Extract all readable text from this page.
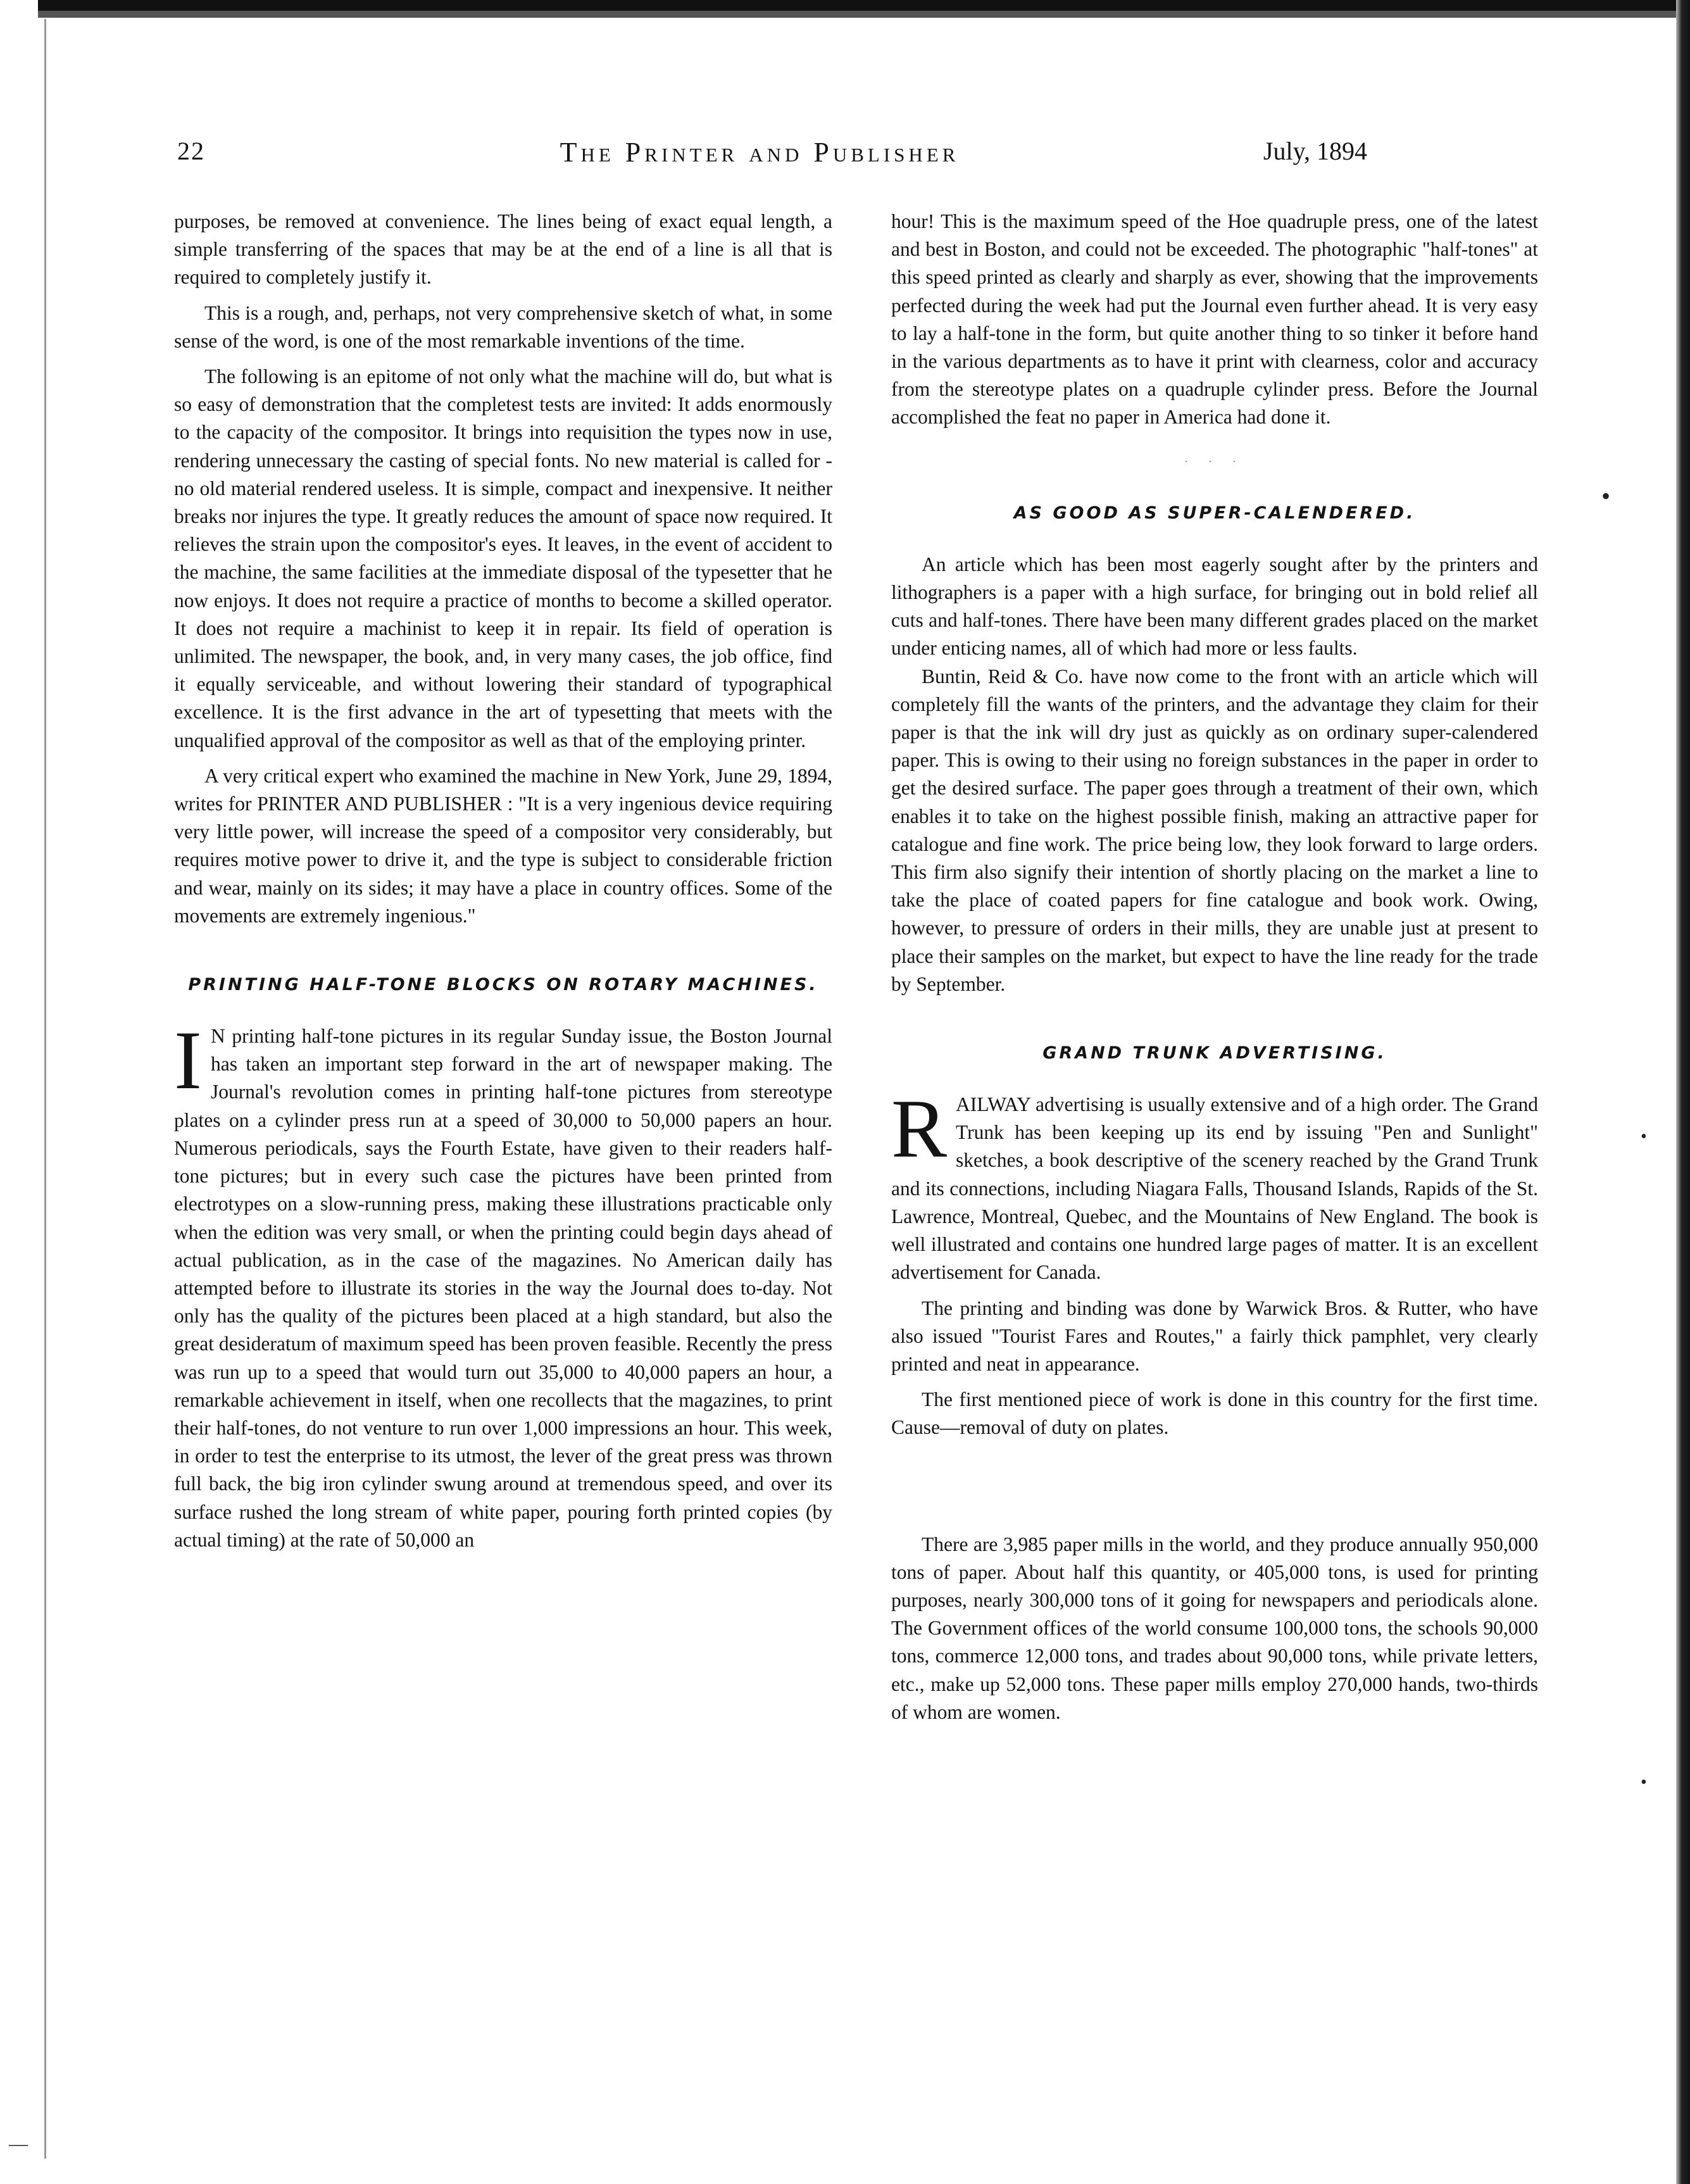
•
•
•
—
22	The Printer and Publisher	July, 1894

purposes, be removed at convenience. The lines being of exact equal length, a simple transferring of the spaces that may be at the end of a line is all that is required to completely justify it.

This is a rough, and, perhaps, not very comprehensive sketch of what, in some sense of the word, is one of the most remarkable inventions of the time.

The following is an epitome of not only what the machine will do, but what is so easy of demonstration that the completest tests are invited: It adds enormously to the capacity of the compositor. It brings into requisition the types now in use, rendering unnecessary the casting of special fonts. No new material is called for -no old material rendered useless. It is simple, compact and inexpensive. It neither breaks nor injures the type. It greatly reduces the amount of space now required. It relieves the strain upon the compositor's eyes. It leaves, in the event of accident to the machine, the same facilities at the immediate disposal of the typesetter that he now enjoys. It does not require a practice of months to become a skilled operator. It does not require a machinist to keep it in repair. Its field of operation is unlimited. The newspaper, the book, and, in very many cases, the job office, find it equally serviceable, and without lowering their standard of typographical excellence. It is the first advance in the art of typesetting that meets with the unqualified approval of the compositor as well as that of the employing printer.

A very critical expert who examined the machine in New York, June 29, 1894, writes for PRINTER AND PUBLISHER : "It is a very ingenious device requiring very little power, will increase the speed of a compositor very considerably, but requires motive power to drive it, and the type is subject to considerable friction and wear, mainly on its sides; it may have a place in country offices. Some of the movements are extremely ingenious."

PRINTING HALF-TONE BLOCKS ON ROTARY MACHINES.

I N printing half-tone pictures in its regular Sunday issue, the Boston Journal has taken an important step forward in the art of newspaper making. The Journal's revolution comes in printing half-tone pictures from stereotype plates on a cylinder press run at a speed of 30,000 to 50,000 papers an hour. Numerous periodicals, says the Fourth Estate, have given to their readers half-tone pictures; but in every such case the pictures have been printed from electrotypes on a slow-running press, making these illustrations practicable only when the edition was very small, or when the printing could begin days ahead of actual publication, as in the case of the magazines. No American daily has attempted before to illustrate its stories in the way the Journal does to-day. Not only has the quality of the pictures been placed at a high standard, but also the great desideratum of maximum speed has been proven feasible. Recently the press was run up to a speed that would turn out 35,000 to 40,000 papers an hour, a remarkable achievement in itself, when one recollects that the magazines, to print their half-tones, do not venture to run over 1,000 impressions an hour. This week, in order to test the enterprise to its utmost, the lever of the great press was thrown full back, the big iron cylinder swung around at tremendous speed, and over its surface rushed the long stream of white paper, pouring forth printed copies (by actual timing) at the rate of 50,000 an

hour! This is the maximum speed of the Hoe quadruple press, one of the latest and best in Boston, and could not be exceeded. The photographic "half-tones" at this speed printed as clearly and sharply as ever, showing that the improvements perfected during the week had put the Journal even further ahead. It is very easy to lay a half-tone in the form, but quite another thing to so tinker it before hand in the various departments as to have it print with clearness, color and accuracy from the stereotype plates on a quadruple cylinder press. Before the Journal accomplished the feat no paper in America had done it.

. . .
AS GOOD AS SUPER-CALENDERED.

An article which has been most eagerly sought after by the printers and lithographers is a paper with a high surface, for bringing out in bold relief all cuts and half-tones. There have been many different grades placed on the market under enticing names, all of which had more or less faults.

Buntin, Reid & Co. have now come to the front with an article which will completely fill the wants of the printers, and the advantage they claim for their paper is that the ink will dry just as quickly as on ordinary super-calendered paper. This is owing to their using no foreign substances in the paper in order to get the desired surface. The paper goes through a treatment of their own, which enables it to take on the highest possible finish, making an attractive paper for catalogue and fine work. The price being low, they look forward to large orders. This firm also signify their intention of shortly placing on the market a line to take the place of coated papers for fine catalogue and book work. Owing, however, to pressure of orders in their mills, they are unable just at present to place their samples on the market, but expect to have the line ready for the trade by September.

GRAND TRUNK ADVERTISING.

RAILWAY advertising is usually extensive and of a high order. The Grand Trunk has been keeping up its end by issuing "Pen and Sunlight" sketches, a book descriptive of the scenery reached by the Grand Trunk and its connections, including Niagara Falls, Thousand Islands, Rapids of the St. Lawrence, Montreal, Quebec, and the Mountains of New England. The book is well illustrated and contains one hundred large pages of matter. It is an excellent advertisement for Canada.

The printing and binding was done by Warwick Bros. & Rutter, who have also issued "Tourist Fares and Routes," a fairly thick pamphlet, very clearly printed and neat in appearance.

The first mentioned piece of work is done in this country for the first time. Cause—removal of duty on plates.

There are 3,985 paper mills in the world, and they produce annually 950,000 tons of paper. About half this quantity, or 405,000 tons, is used for printing purposes, nearly 300,000 tons of it going for newspapers and periodicals alone. The Government offices of the world consume 100,000 tons, the schools 90,000 tons, commerce 12,000 tons, and trades about 90,000 tons, while private letters, etc., make up 52,000 tons. These paper mills employ 270,000 hands, two-thirds of whom are women.
